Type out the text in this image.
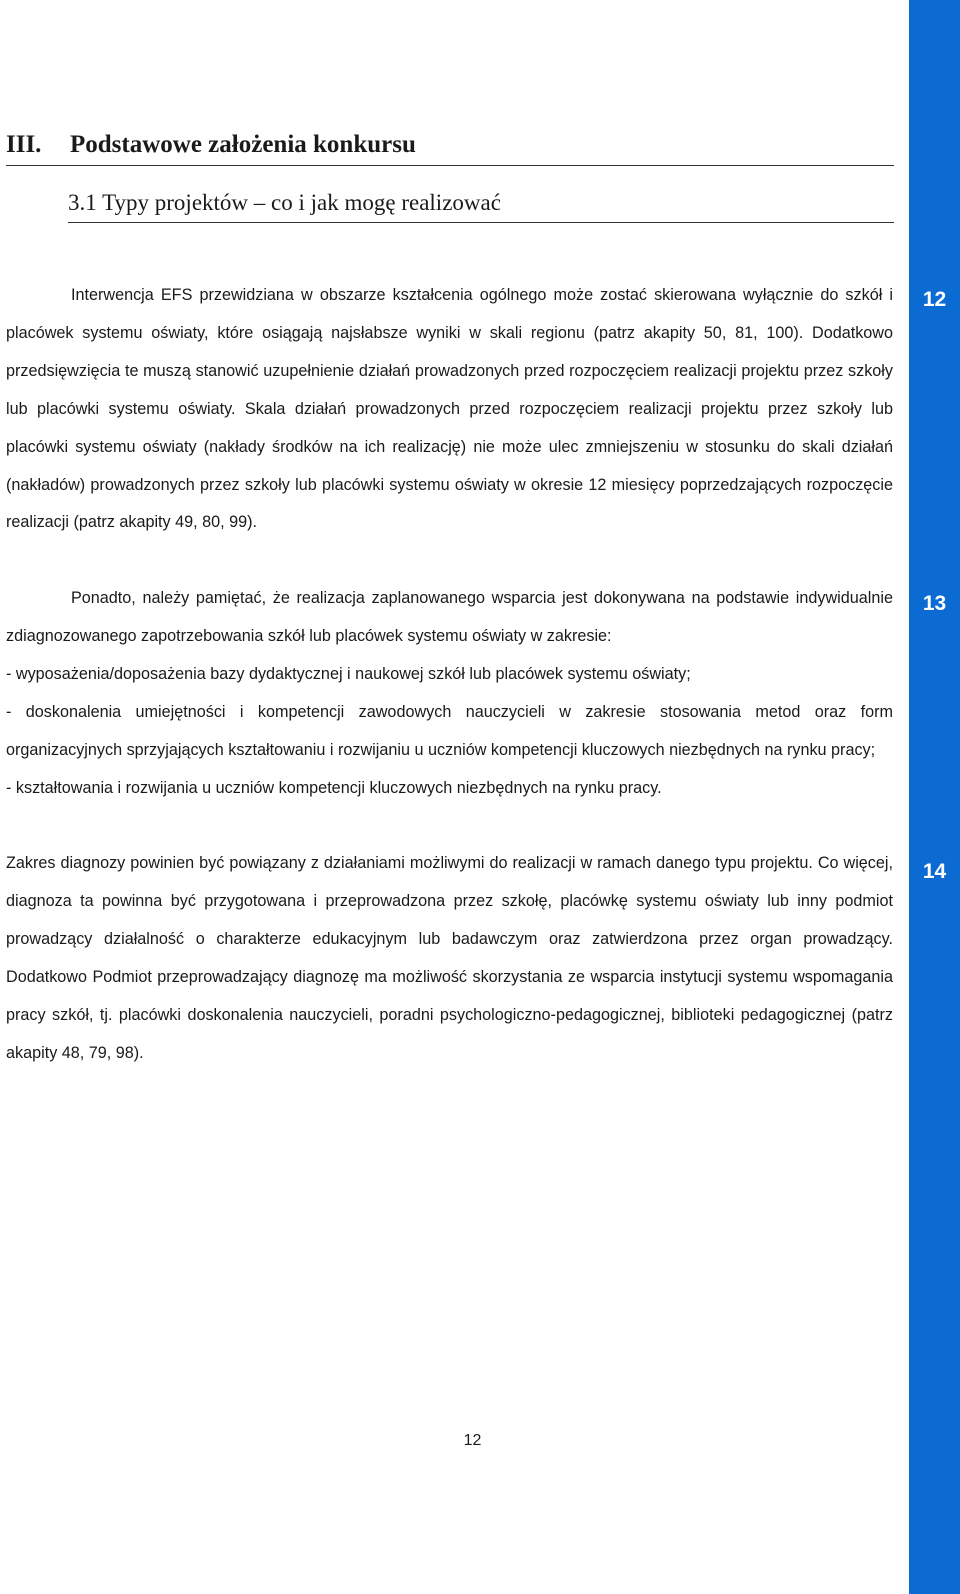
12
13
14
III. Podstawowe założenia konkursu
3.1 Typy projektów – co i jak mogę realizować

Interwencja EFS przewidziana w obszarze kształcenia ogólnego może zostać skierowana wyłącznie do szkół i placówek systemu oświaty, które osiągają najsłabsze wyniki w skali regionu (patrz akapity 50, 81, 100). Dodatkowo przedsięwzięcia te muszą stanowić uzupełnienie działań prowadzonych przed rozpoczęciem realizacji projektu przez szkoły lub placówki systemu oświaty. Skala działań prowadzonych przed rozpoczęciem realizacji projektu przez szkoły lub placówki systemu oświaty (nakłady środków na ich realizację) nie może ulec zmniejszeniu w stosunku do skali działań (nakładów) prowadzonych przez szkoły lub placówki systemu oświaty w okresie 12 miesięcy poprzedzających rozpoczęcie realizacji (patrz akapity 49, 80, 99).

Ponadto, należy pamiętać, że realizacja zaplanowanego wsparcia jest dokonywana na podstawie indywidualnie zdiagnozowanego zapotrzebowania szkół lub placówek systemu oświaty w zakresie:

- wyposażenia/doposażenia bazy dydaktycznej i naukowej szkół lub placówek systemu oświaty;

- doskonalenia umiejętności i kompetencji zawodowych nauczycieli w zakresie stosowania metod oraz form organizacyjnych sprzyjających kształtowaniu i rozwijaniu u uczniów kompetencji kluczowych niezbędnych na rynku pracy;

- kształtowania i rozwijania u uczniów kompetencji kluczowych niezbędnych na rynku pracy.

Zakres diagnozy powinien być powiązany z działaniami możliwymi do realizacji w ramach danego typu projektu. Co więcej, diagnoza ta powinna być przygotowana i przeprowadzona przez szkołę, placówkę systemu oświaty lub inny podmiot prowadzący działalność o charakterze edukacyjnym lub badawczym oraz zatwierdzona przez organ prowadzący. Dodatkowo Podmiot przeprowadzający diagnozę ma możliwość skorzystania ze wsparcia instytucji systemu wspomagania pracy szkół, tj. placówki doskonalenia nauczycieli, poradni psychologiczno-pedagogicznej, biblioteki pedagogicznej (patrz akapity 48, 79, 98).

12
